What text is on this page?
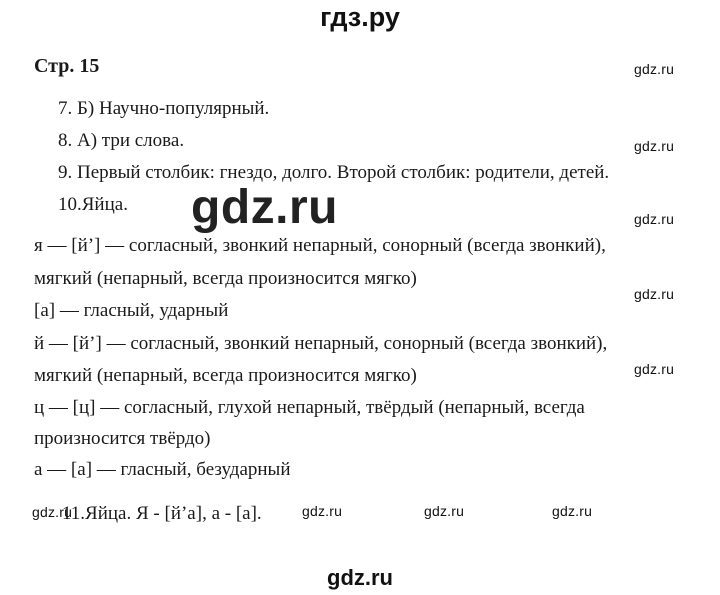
гдз.ру
Стр. 15
7. Б) Научно-популярный.
8. А) три слова.
9. Первый столбик: гнездо, долго. Второй столбик: родители, детей.
10.Яйца.
я — [й’] — согласный, звонкий непарный, сонорный (всегда звонкий),
мягкий (непарный, всегда произносится мягко)
[а] — гласный, ударный
й — [й’] — согласный, звонкий непарный, сонорный (всегда звонкий),
мягкий (непарный, всегда произносится мягко)
ц — [ц] — согласный, глухой непарный, твёрдый (непарный, всегда
произносится твёрдо)
а — [а] — гласный, безударный
11.Яйца. Я - [й’а], а - [а].
gdz.ru
gdz.ru
gdz.ru
gdz.ru
gdz.ru
gdz.ru	gdz.ru	gdz.ru	gdz.ru
gdz.ru
gdz.ru
